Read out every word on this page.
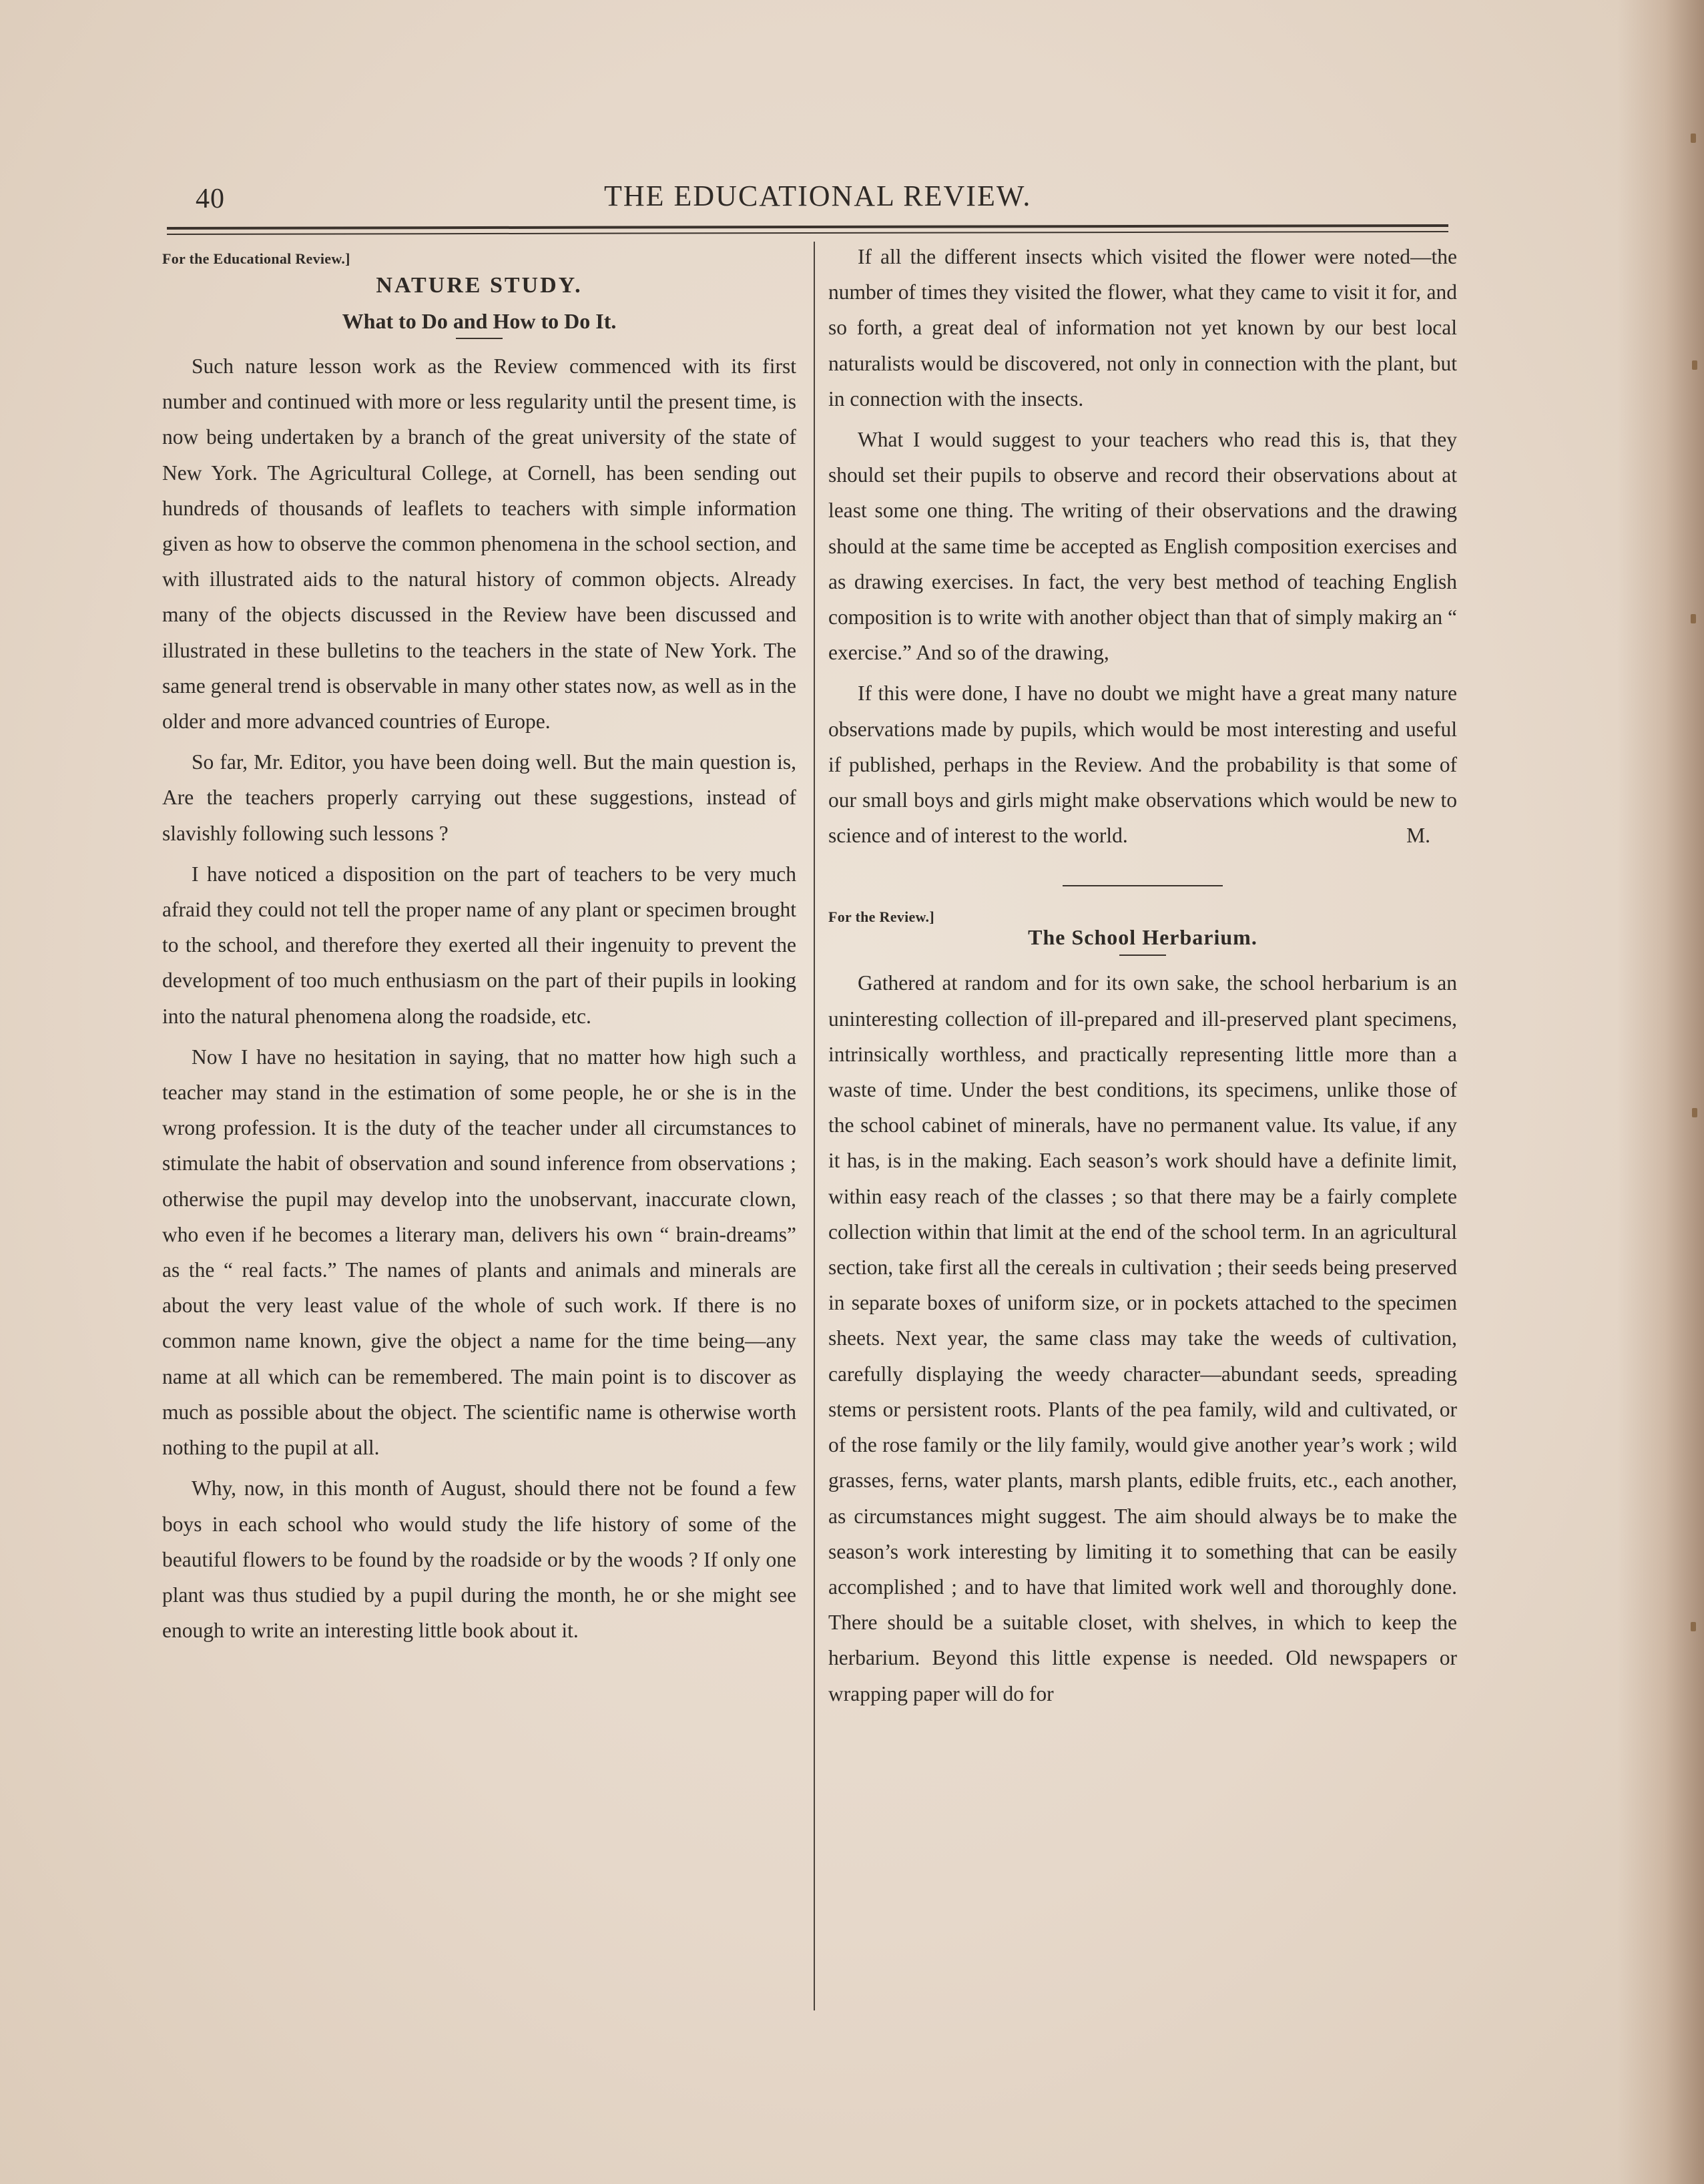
40	THE EDUCATIONAL REVIEW.
For the Educational Review.]
NATURE STUDY.
What to Do and How to Do It.

Such nature lesson work as the Review commenced with its first number and continued with more or less regularity until the present time, is now being undertaken by a branch of the great university of the state of New York. The Agricultural College, at Cornell, has been sending out hundreds of thousands of leaflets to teachers with simple information given as how to observe the common phenomena in the school section, and with illustrated aids to the natural history of common objects. Already many of the objects discussed in the Review have been discussed and illustrated in these bulletins to the teachers in the state of New York. The same general trend is observable in many other states now, as well as in the older and more advanced countries of Europe.

So far, Mr. Editor, you have been doing well. But the main question is, Are the teachers properly carrying out these suggestions, instead of slavishly following such lessons ?

I have noticed a disposition on the part of teachers to be very much afraid they could not tell the proper name of any plant or specimen brought to the school, and therefore they exerted all their ingenuity to prevent the development of too much enthusiasm on the part of their pupils in looking into the natural phenomena along the roadside, etc.

Now I have no hesitation in saying, that no matter how high such a teacher may stand in the estimation of some people, he or she is in the wrong profession. It is the duty of the teacher under all circumstances to stimulate the habit of observation and sound inference from observations ; otherwise the pupil may develop into the unobservant, inaccurate clown, who even if he becomes a literary man, delivers his own “ brain-dreams” as the “ real facts.” The names of plants and animals and minerals are about the very least value of the whole of such work. If there is no common name known, give the object a name for the time being—any name at all which can be remembered. The main point is to discover as much as possible about the object. The scientific name is otherwise worth nothing to the pupil at all.

Why, now, in this month of August, should there not be found a few boys in each school who would study the life history of some of the beautiful flowers to be found by the roadside or by the woods ? If only one plant was thus studied by a pupil during the month, he or she might see enough to write an interesting little book about it.

If all the different insects which visited the flower were noted—the number of times they visited the flower, what they came to visit it for, and so forth, a great deal of information not yet known by our best local naturalists would be discovered, not only in connection with the plant, but in connection with the insects.

What I would suggest to your teachers who read this is, that they should set their pupils to observe and record their observations about at least some one thing. The writing of their observations and the drawing should at the same time be accepted as English composition exercises and as drawing exercises. In fact, the very best method of teaching English composition is to write with another object than that of simply makirg an “ exercise.” And so of the drawing,

If this were done, I have no doubt we might have a great many nature observations made by pupils, which would be most interesting and useful if published, perhaps in the Review. And the probability is that some of our small boys and girls might make observations which would be new to science and of interest to the world.	M.

For the Review.]
The School Herbarium.

Gathered at random and for its own sake, the school herbarium is an uninteresting collection of ill-prepared and ill-preserved plant specimens, intrinsically worthless, and practically representing little more than a waste of time. Under the best conditions, its specimens, unlike those of the school cabinet of minerals, have no permanent value. Its value, if any it has, is in the making. Each season’s work should have a definite limit, within easy reach of the classes ; so that there may be a fairly complete collection within that limit at the end of the school term. In an agricultural section, take first all the cereals in cultivation ; their seeds being preserved in separate boxes of uniform size, or in pockets attached to the specimen sheets. Next year, the same class may take the weeds of cultivation, carefully displaying the weedy character—abundant seeds, spreading stems or persistent roots. Plants of the pea family, wild and cultivated, or of the rose family or the lily family, would give another year’s work ; wild grasses, ferns, water plants, marsh plants, edible fruits, etc., each another, as circumstances might suggest. The aim should always be to make the season’s work interesting by limiting it to something that can be easily accomplished ; and to have that limited work well and thoroughly done. There should be a suitable closet, with shelves, in which to keep the herbarium. Beyond this little expense is needed. Old newspapers or wrapping paper will do for
